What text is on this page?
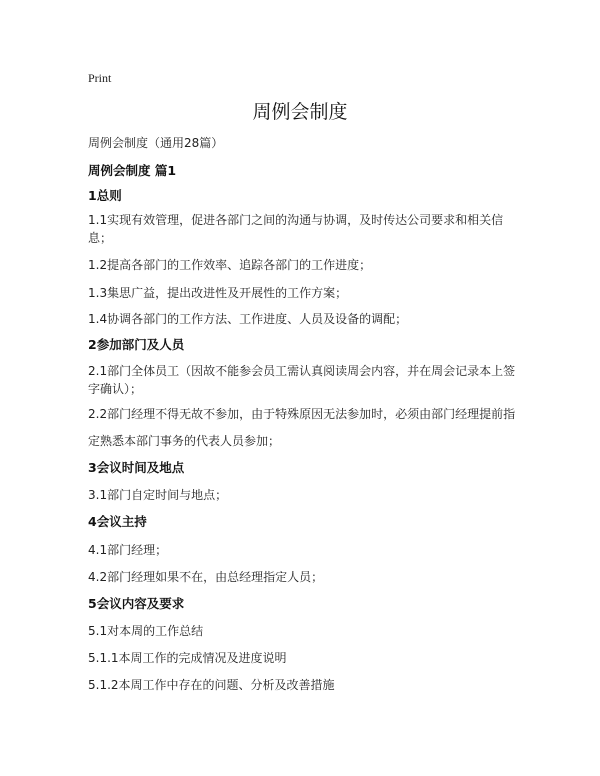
Print
周例会制度
周例会制度（通用28篇）
周例会制度 篇1
1总则
1.1实现有效管理，促进各部门之间的沟通与协调，及时传达公司要求和相关信息；
1.2提高各部门的工作效率、追踪各部门的工作进度；
1.3集思广益，提出改进性及开展性的工作方案；
1.4协调各部门的工作方法、工作进度、人员及设备的调配；
2参加部门及人员
2.1部门全体员工（因故不能参会员工需认真阅读周会内容，并在周会记录本上签字确认）；
2.2部门经理不得无故不参加，由于特殊原因无法参加时，必须由部门经理提前指
定熟悉本部门事务的代表人员参加；
3会议时间及地点
3.1部门自定时间与地点；
4会议主持
4.1部门经理；
4.2部门经理如果不在，由总经理指定人员；
5会议内容及要求
5.1对本周的工作总结
5.1.1本周工作的完成情况及进度说明
5.1.2本周工作中存在的问题、分析及改善措施
